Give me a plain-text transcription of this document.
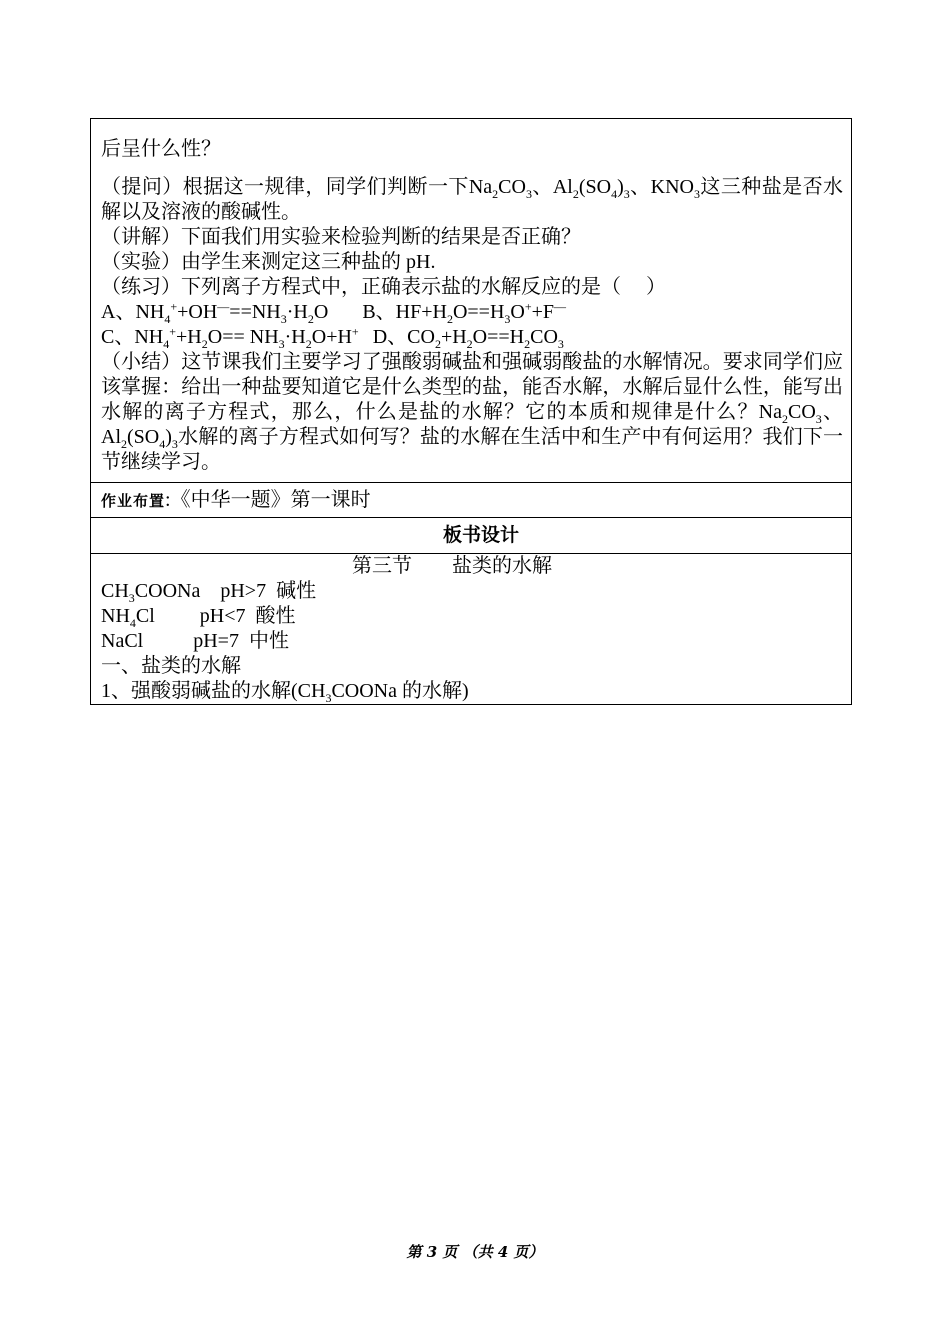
后呈什么性？

（提问）根据这一规律，同学们判断一下$Na_2CO_3$、$Al_2(SO_4)_3$、$KNO_3$这三种盐是否水解以及溶液的酸碱性。

（讲解）下面我们用实验来检验判断的结果是否正确？

（实验）由学生来测定这三种盐的 pH.

（练习）下列离子方程式中，正确表示盐的水解反应的是（　 ）

A、$NH_4^++OH^—==NH_3\cdot H_2O$ B、$HF+H_2O==H_3O^++F^—$

C、$NH_4^++H_2O== NH_3\cdot H_2O+H^+$ D、$CO_2+H_2O==H_2CO_3$

（小结）这节课我们主要学习了强酸弱碱盐和强碱弱酸盐的水解情况。要求同学们应该掌握：给出一种盐要知道它是什么类型的盐，能否水解，水解后显什么性，能写出水解的离子方程式，那么，什么是盐的水解？它的本质和规律是什么？$Na_2CO_3$、$Al_2(SO_4)_3$水解的离子方程式如何写？盐的水解在生活中和生产中有何运用？我们下一节继续学习。

作业布置:《中华一题》第一课时
板书设计

第三节　　盐类的水解

$CH_3COONa$　pH>7  碱性

$NH_4Cl$　　 pH<7  酸性

NaCl　　  pH=7  中性

一、盐类的水解

1、强酸弱碱盐的水解($CH_3COONa$ 的水解)

第 3 页 （共 4 页）
